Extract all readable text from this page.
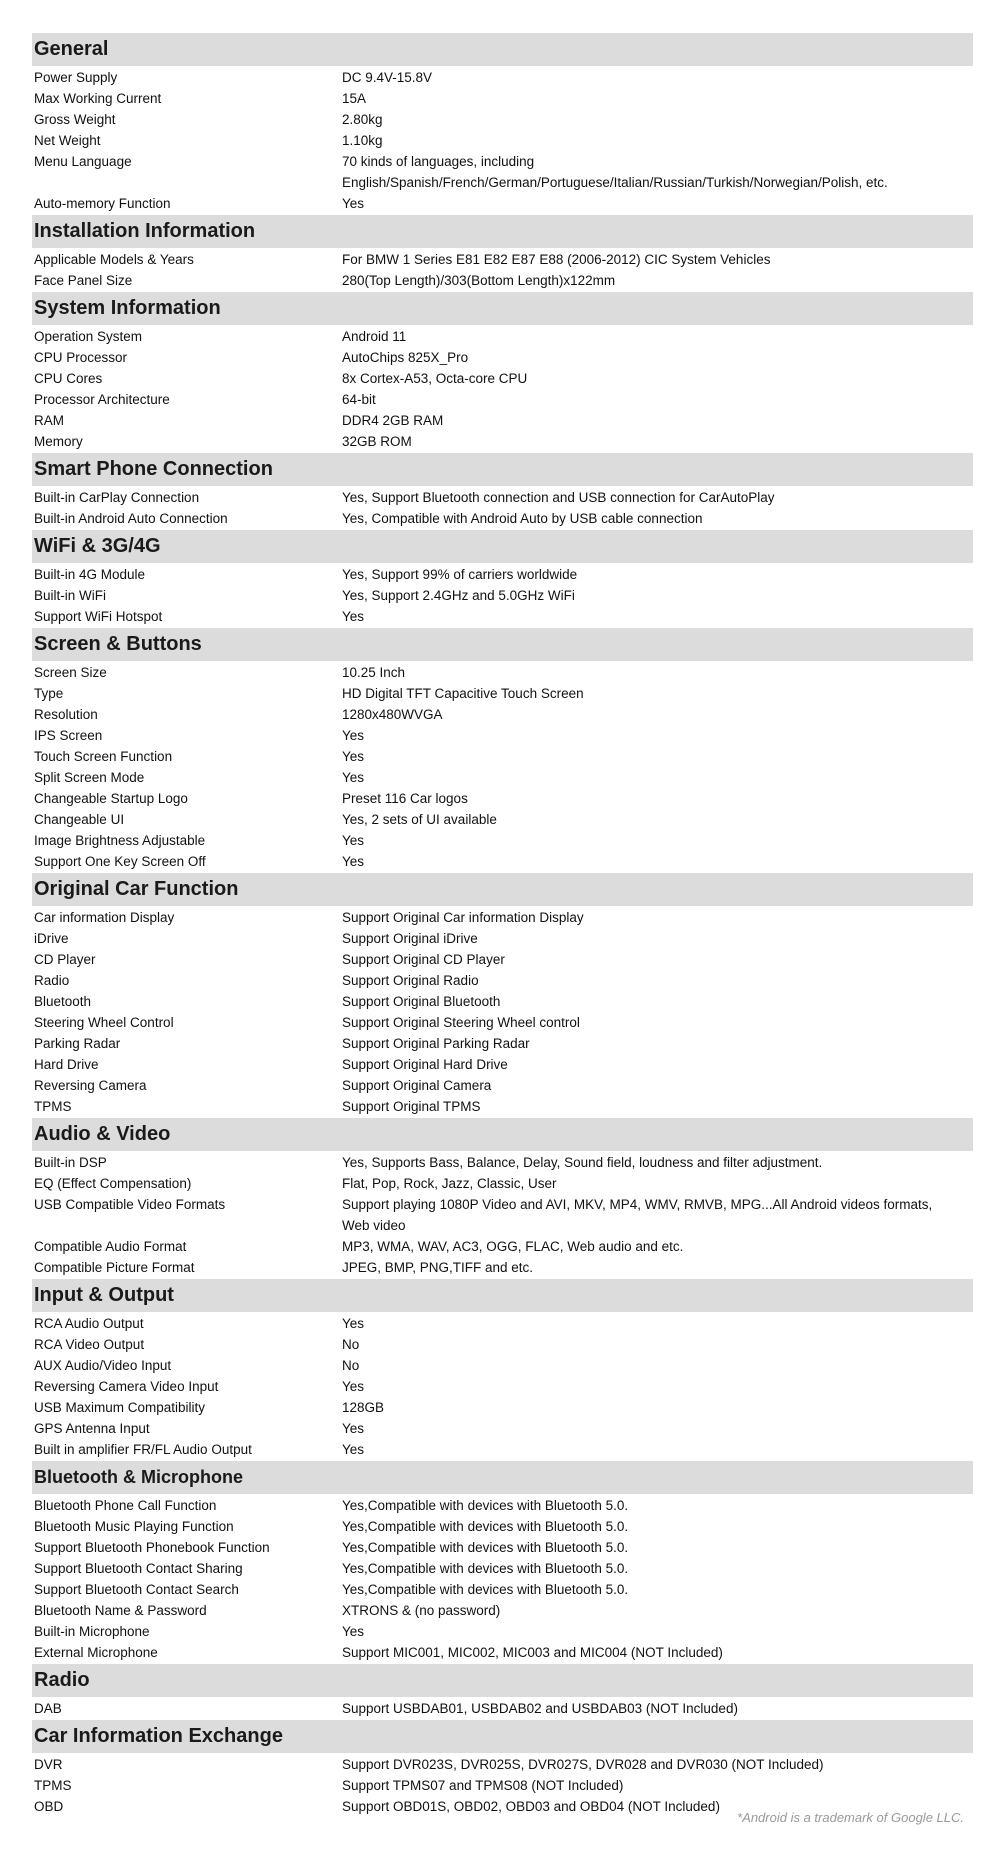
General
Power Supply	DC 9.4V-15.8V
Max Working Current	15A
Gross Weight	2.80kg
Net Weight	1.10kg
Menu Language	70 kinds of languages, including
English/Spanish/French/German/Portuguese/Italian/Russian/Turkish/Norwegian/Polish, etc.
Auto-memory Function	Yes
Installation Information
Applicable Models & Years	For BMW 1 Series E81 E82 E87 E88 (2006-2012) CIC System Vehicles
Face Panel Size	280(Top Length)/303(Bottom Length)x122mm
System Information
Operation System	Android 11
CPU Processor	AutoChips 825X_Pro
CPU Cores	8x Cortex-A53, Octa-core CPU
Processor Architecture	64-bit
RAM	DDR4 2GB RAM
Memory	32GB ROM
Smart Phone Connection
Built-in CarPlay Connection	Yes, Support Bluetooth connection and USB connection for CarAutoPlay
Built-in Android Auto Connection	Yes, Compatible with Android Auto by USB cable connection
WiFi & 3G/4G
Built-in 4G Module	Yes, Support 99% of carriers worldwide
Built-in WiFi	Yes, Support 2.4GHz and 5.0GHz WiFi
Support WiFi Hotspot	Yes
Screen & Buttons
Screen Size	10.25 Inch
Type	HD Digital TFT Capacitive Touch Screen
Resolution	1280x480WVGA
IPS Screen	Yes
Touch Screen Function	Yes
Split Screen Mode	Yes
Changeable Startup Logo	Preset 116 Car logos
Changeable UI	Yes, 2 sets of UI available
Image Brightness Adjustable	Yes
Support One Key Screen Off	Yes
Original Car Function
Car information Display	Support Original Car information Display
iDrive	Support Original iDrive
CD Player	Support Original CD Player
Radio	Support Original Radio
Bluetooth	Support Original Bluetooth
Steering Wheel Control	Support Original Steering Wheel control
Parking Radar	Support Original Parking Radar
Hard Drive	Support Original Hard Drive
Reversing Camera	Support Original Camera
TPMS	Support Original TPMS
Audio & Video
Built-in DSP	Yes, Supports Bass, Balance, Delay, Sound field, loudness and filter adjustment.
EQ (Effect Compensation)	Flat, Pop, Rock, Jazz, Classic, User
USB Compatible Video Formats	Support playing 1080P Video and AVI, MKV, MP4, WMV, RMVB, MPG...All Android videos formats,
Web video
Compatible Audio Format	MP3, WMA, WAV, AC3, OGG, FLAC, Web audio and etc.
Compatible Picture Format	JPEG, BMP, PNG,TIFF and etc.
Input & Output
RCA Audio Output	Yes
RCA Video Output	No
AUX Audio/Video Input	No
Reversing Camera Video Input	Yes
USB Maximum Compatibility	128GB
GPS Antenna Input	Yes
Built in amplifier FR/FL Audio Output	Yes
Bluetooth & Microphone
Bluetooth Phone Call Function	Yes,Compatible with devices with Bluetooth 5.0.
Bluetooth Music Playing Function	Yes,Compatible with devices with Bluetooth 5.0.
Support Bluetooth Phonebook Function	Yes,Compatible with devices with Bluetooth 5.0.
Support Bluetooth Contact Sharing	Yes,Compatible with devices with Bluetooth 5.0.
Support Bluetooth Contact Search	Yes,Compatible with devices with Bluetooth 5.0.
Bluetooth Name & Password	XTRONS & (no password)
Built-in Microphone	Yes
External Microphone	Support MIC001, MIC002, MIC003 and MIC004 (NOT Included)
Radio
DAB	Support USBDAB01, USBDAB02 and USBDAB03 (NOT Included)
Car Information Exchange
DVR	Support DVR023S, DVR025S, DVR027S, DVR028 and DVR030 (NOT Included)
TPMS	Support TPMS07 and TPMS08 (NOT Included)
OBD	Support OBD01S, OBD02, OBD03 and OBD04 (NOT Included)
*Android is a trademark of Google LLC.
